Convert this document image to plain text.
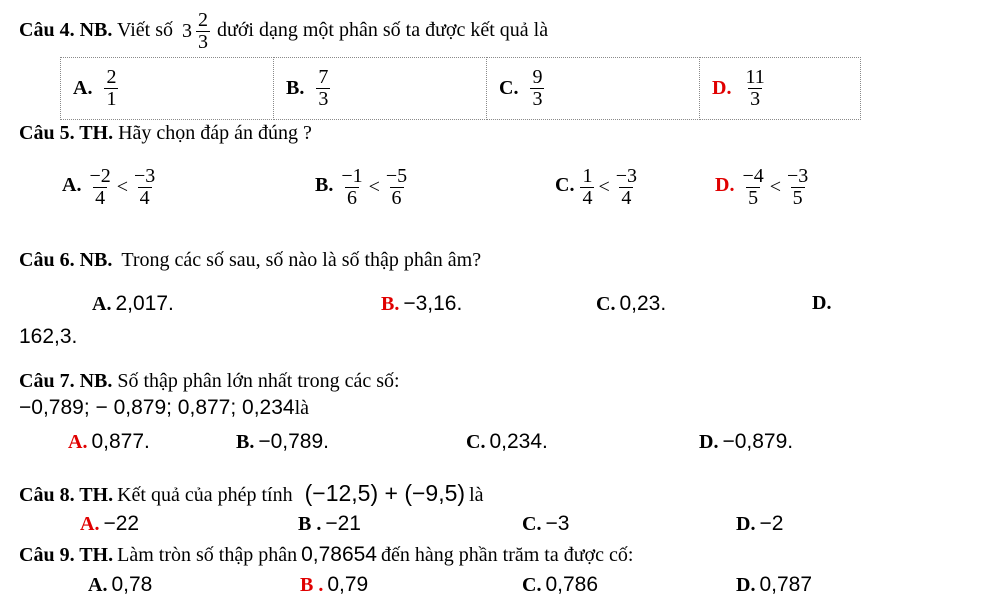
Câu 4. NB. Viết số $3 \frac{2}{3}$ dưới dạng một phân số ta được kết quả là
A. $\frac{2}{1}$	B. $\frac{7}{3}$	C. $\frac{9}{3}$	D. $\frac{11}{3}$
Câu 5. TH. Hãy chọn đáp án đúng ?
A. $\frac{-2}{4} < \frac{-3}{4}$	B. $\frac{-1}{6} < \frac{-5}{6}$	C. $\frac{1}{4} < \frac{-3}{4}$	D. $\frac{-4}{5} < \frac{-3}{5}$
Câu 6. NB. Trong các số sau, số nào là số thập phân âm?
A. 2,017.	B. −3,16.	C. 0,23.	D.
162,3.
Câu 7. NB. Số thập phân lớn nhất trong các số:
−0,789; − 0,879; 0,877; 0,234là
A. 0,877.	B. −0,789.	C. 0,234.	D. −0,879.
Câu 8. TH. Kết quả của phép tính (−12,5) + (−9,5) là
A. −22	B . −21	C. −3	D. −2
Câu 9. TH. Làm tròn số thập phân 0,78654 đến hàng phần trăm ta được cố:
A. 0,78	B . 0,79	C. 0,786	D. 0,787
